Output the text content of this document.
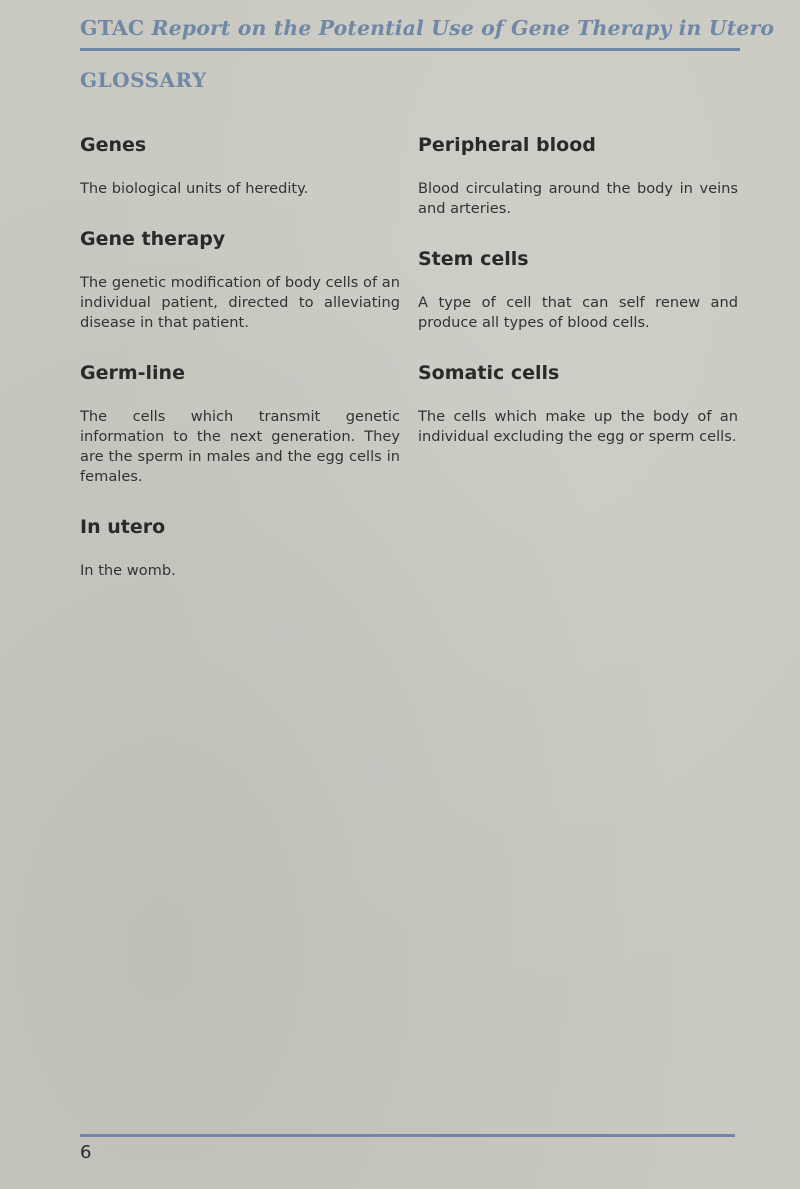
GTAC Report on the Potential Use of Gene Therapy in Utero
GLOSSARY
Genes
The biological units of heredity.
Gene therapy
The genetic modification of body cells of an individual patient, directed to alleviating disease in that patient.
Germ-line
The cells which transmit genetic information to the next generation. They are the sperm in males and the egg cells in females.
In utero
In the womb.
Peripheral blood
Blood circulating around the body in veins and arteries.
Stem cells
A type of cell that can self renew and produce all types of blood cells.
Somatic cells
The cells which make up the body of an individual excluding the egg or sperm cells.
6
